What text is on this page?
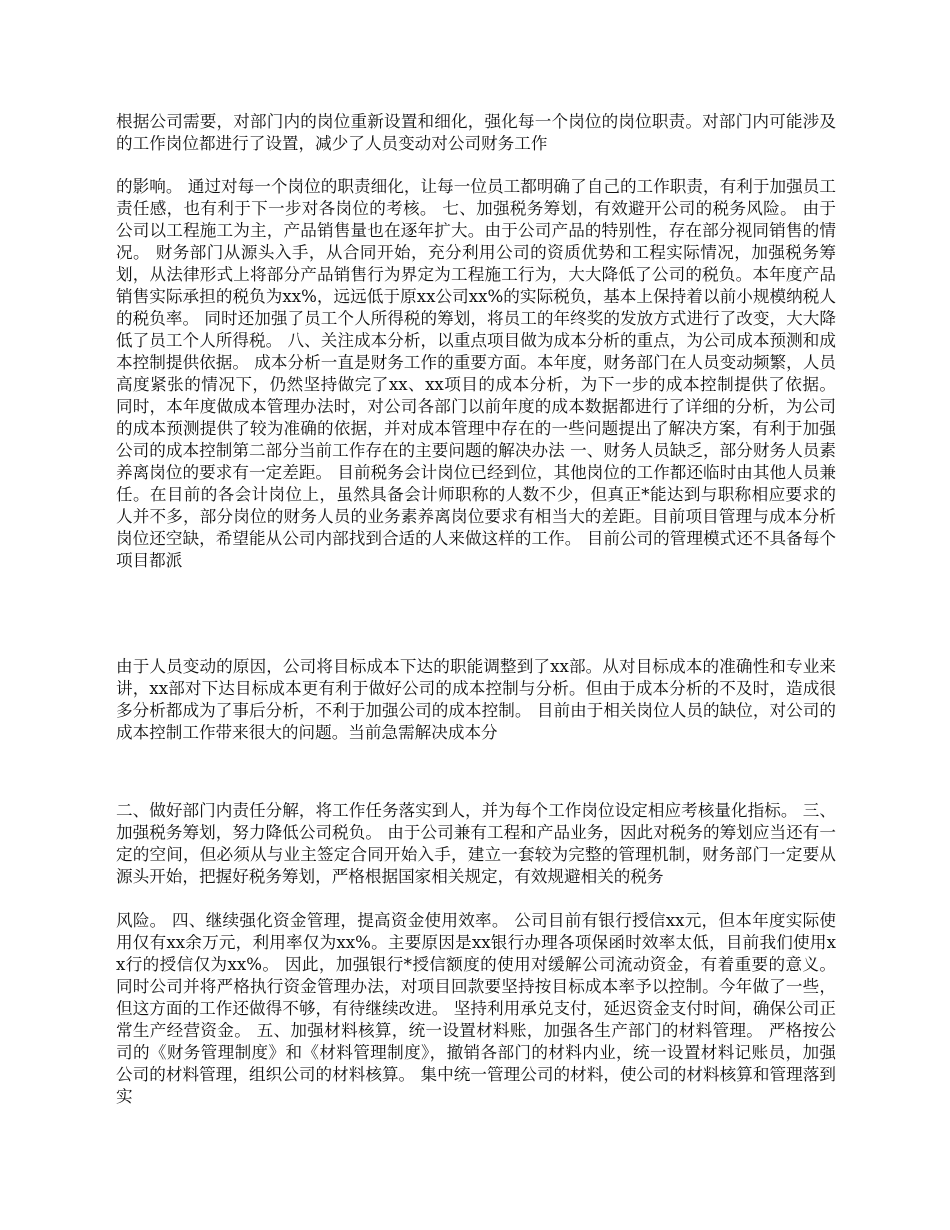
根据公司需要，对部门内的岗位重新设置和细化，强化每一个岗位的岗位职责。对部门内可能涉及的工作岗位都进行了设置，减少了人员变动对公司财务工作

的影响。 通过对每一个岗位的职责细化，让每一位员工都明确了自己的工作职责，有利于加强员工责任感，也有利于下一步对各岗位的考核。 七、加强税务筹划，有效避开公司的税务风险。 由于公司以工程施工为主，产品销售量也在逐年扩大。由于公司产品的特别性，存在部分视同销售的情况。 财务部门从源头入手，从合同开始，充分利用公司的资质优势和工程实际情况，加强税务筹划，从法律形式上将部分产品销售行为界定为工程施工行为，大大降低了公司的税负。本年度产品销售实际承担的税负为xx%，远远低于原xx公司xx%的实际税负，基本上保持着以前小规模纳税人的税负率。 同时还加强了员工个人所得税的筹划，将员工的年终奖的发放方式进行了改变，大大降低了员工个人所得税。 八、关注成本分析，以重点项目做为成本分析的重点，为公司成本预测和成本控制提供依据。 成本分析一直是财务工作的重要方面。本年度，财务部门在人员变动频繁，人员高度紧张的情况下，仍然坚持做完了xx、xx项目的成本分析，为下一步的成本控制提供了依据。 同时，本年度做成本管理办法时，对公司各部门以前年度的成本数据都进行了详细的分析，为公司的成本预测提供了较为准确的依据，并对成本管理中存在的一些问题提出了解决方案，有利于加强公司的成本控制第二部分当前工作存在的主要问题的解决办法 一、财务人员缺乏，部分财务人员素养离岗位的要求有一定差距。 目前税务会计岗位已经到位，其他岗位的工作都还临时由其他人员兼任。在目前的各会计岗位上，虽然具备会计师职称的人数不少，但真正*能达到与职称相应要求的人并不多，部分岗位的财务人员的业务素养离岗位要求有相当大的差距。目前项目管理与成本分析岗位还空缺，希望能从公司内部找到合适的人来做这样的工作。 目前公司的管理模式还不具备每个项目都派

由于人员变动的原因，公司将目标成本下达的职能调整到了xx部。从对目标成本的准确性和专业来讲，xx部对下达目标成本更有利于做好公司的成本控制与分析。但由于成本分析的不及时，造成很多分析都成为了事后分析，不利于加强公司的成本控制。 目前由于相关岗位人员的缺位，对公司的成本控制工作带来很大的问题。当前急需解决成本分

二、做好部门内责任分解，将工作任务落实到人，并为每个工作岗位设定相应考核量化指标。 三、加强税务筹划，努力降低公司税负。 由于公司兼有工程和产品业务，因此对税务的筹划应当还有一定的空间，但必须从与业主签定合同开始入手，建立一套较为完整的管理机制，财务部门一定要从源头开始，把握好税务筹划，严格根据国家相关规定，有效规避相关的税务

风险。 四、继续强化资金管理，提高资金使用效率。 公司目前有银行授信xx元，但本年度实际使用仅有xx余万元，利用率仅为xx%。主要原因是xx银行办理各项保函时效率太低，目前我们使用xx行的授信仅为xx%。 因此，加强银行*授信额度的使用对缓解公司流动资金，有着重要的意义。 同时公司并将严格执行资金管理办法，对项目回款要坚持按目标成本率予以控制。今年做了一些，但这方面的工作还做得不够，有待继续改进。 坚持利用承兑支付，延迟资金支付时间，确保公司正常生产经营资金。 五、加强材料核算，统一设置材料账，加强各生产部门的材料管理。 严格按公司的《财务管理制度》和《材料管理制度》，撤销各部门的材料内业，统一设置材料记账员，加强公司的材料管理，组织公司的材料核算。 集中统一管理公司的材料，使公司的材料核算和管理落到实
